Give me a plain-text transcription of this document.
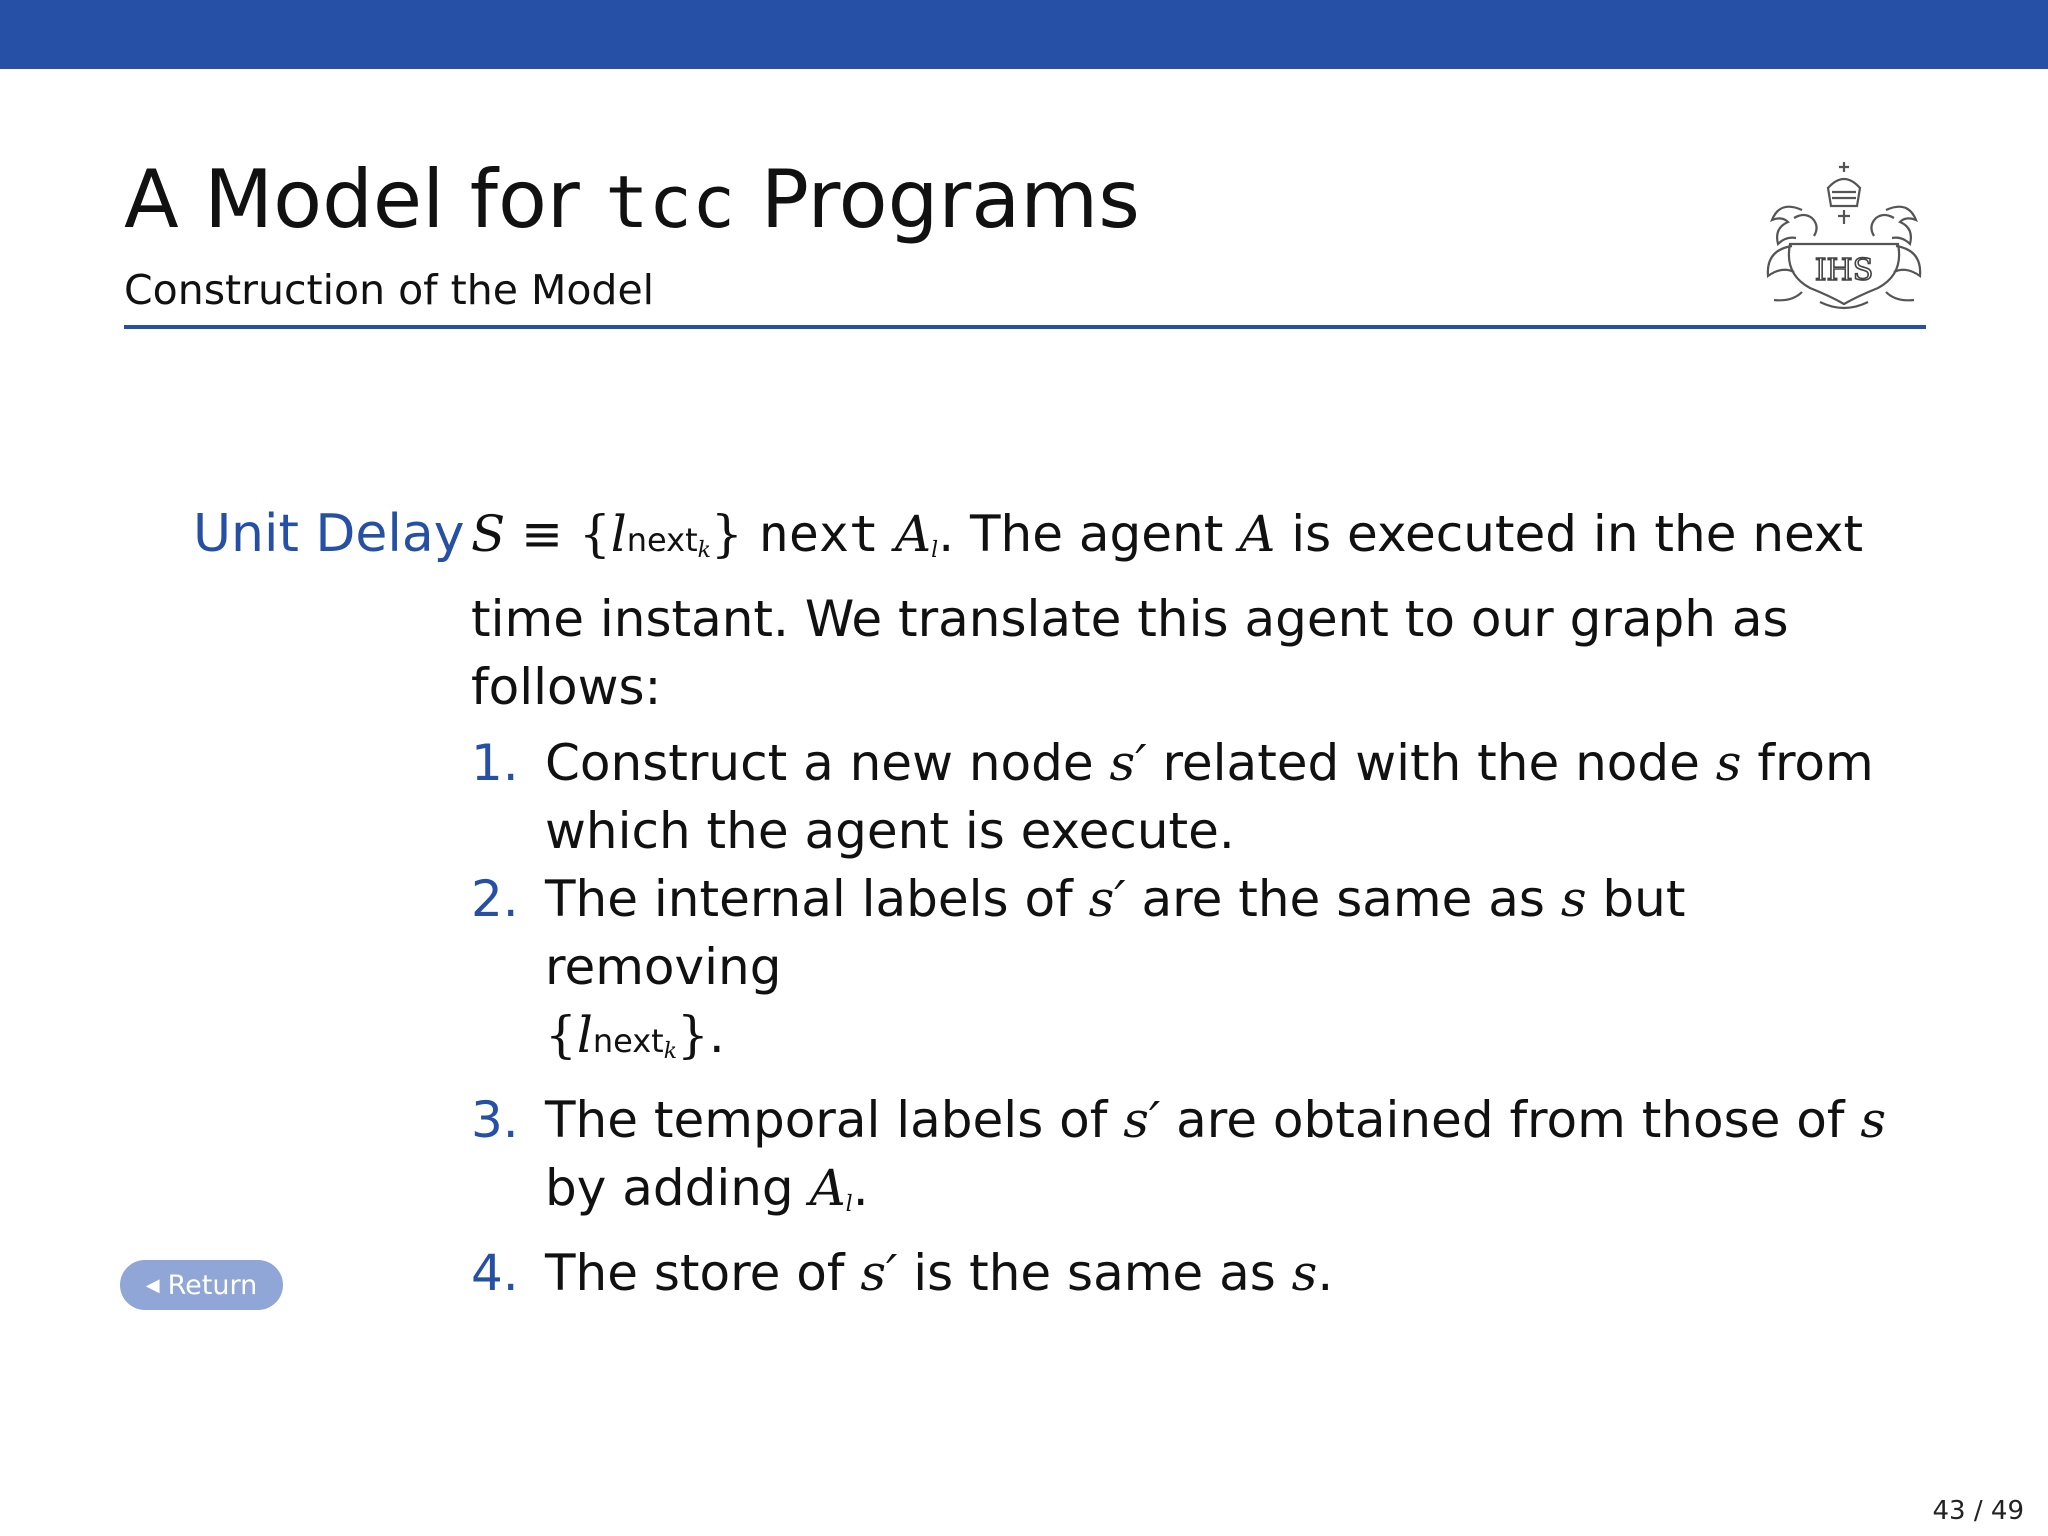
A Model for tcc Programs
Construction of the Model	IHS
Unit Delay S ≡ {lnextk} next Al. The agent A is executed in the next time instant. We translate this agent to our graph as follows:

1. Construct a new node s′ related with the node s from which the agent is execute.
2. The internal labels of s′ are the same as s but removing
{lnextk}.
3. The temporal labels of s′ are obtained from those of s by adding Al.
4. The store of s′ is the same as s.
◀ Return
43 / 49
